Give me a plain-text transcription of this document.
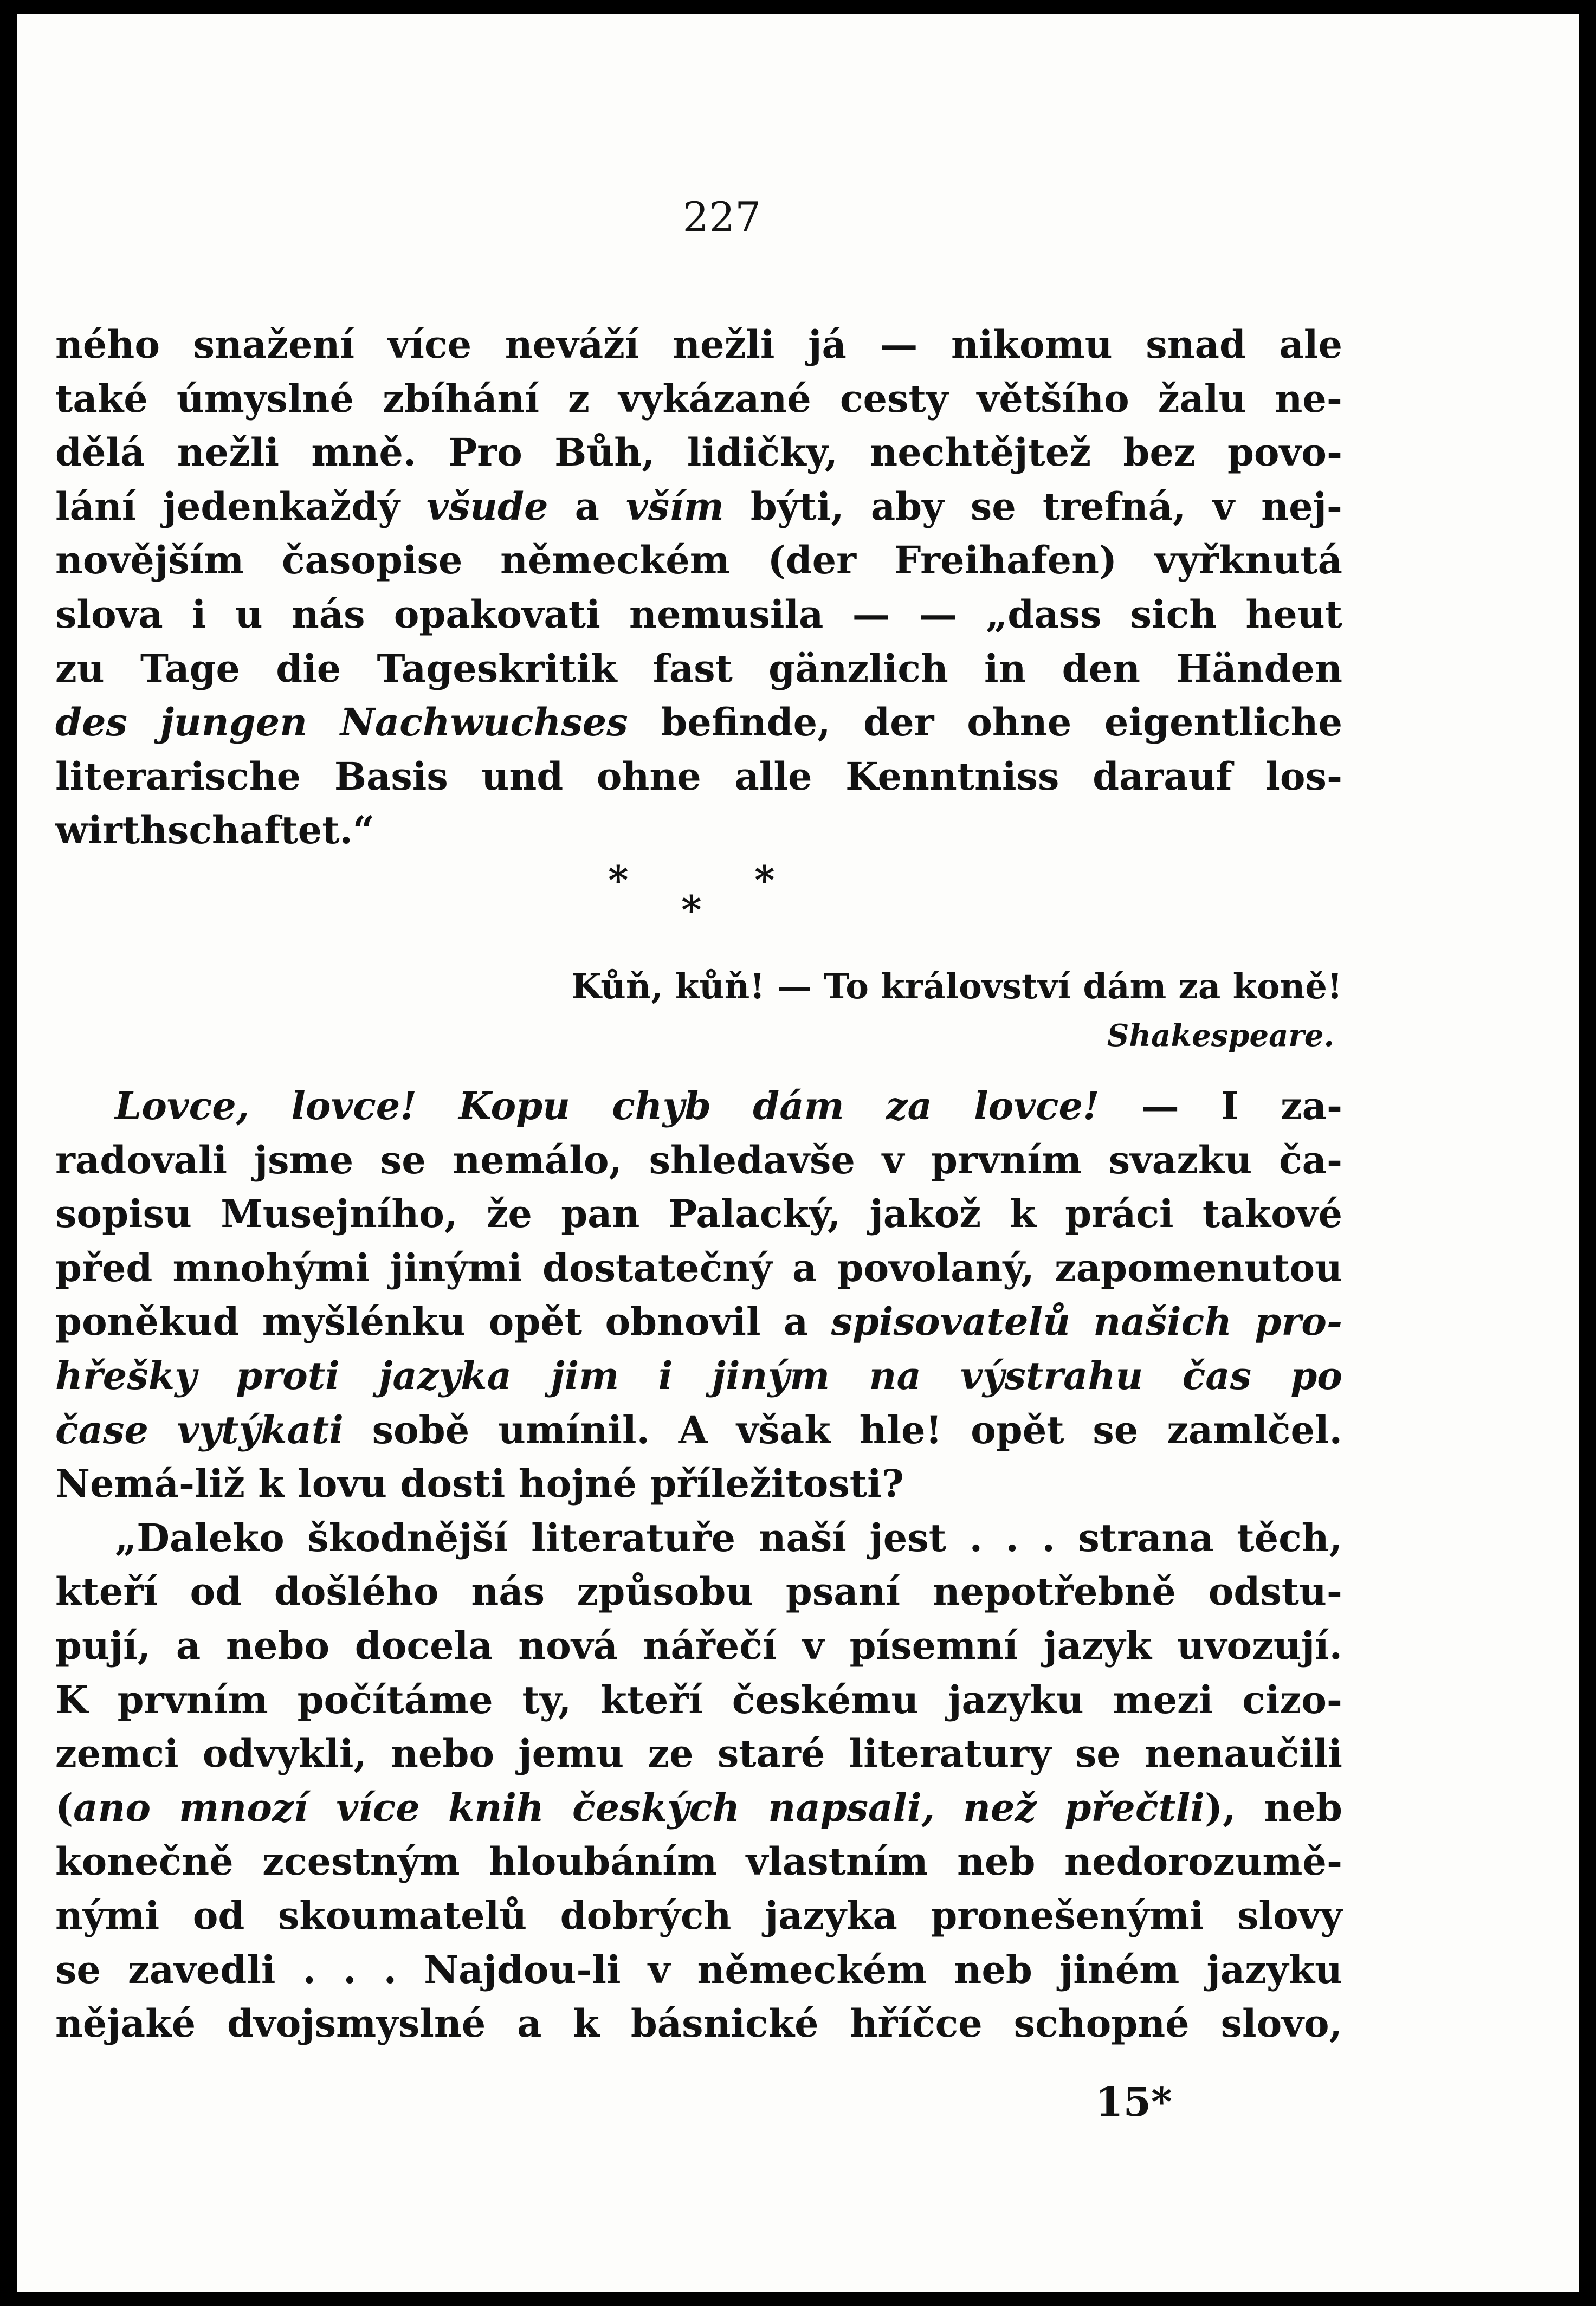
227
ného snažení více neváží nežli já — nikomu snad ale
také úmyslné zbíhání z vykázané cesty většího žalu ne-
dělá nežli mně. Pro Bůh, lidičky, nechtějtež bez povo-
lání jedenkaždý všude a vším býti, aby se trefná, v nej-
novějším časopise německém (der Freihafen) vyřknutá
slova i u nás opakovati nemusila — — „dass sich heut
zu Tage die Tageskritik fast gänzlich in den Händen
des jungen Nachwuchses befinde, der ohne eigentliche
literarische Basis und ohne alle Kenntniss darauf los-
wirthschaftet.“
*	*
*
Kůň, kůň! — To království dám za koně!
Shakespeare.
Lovce, lovce! Kopu chyb dám za lovce! — I za-
radovali jsme se nemálo, shledavše v prvním svazku ča-
sopisu Musejního, že pan Palacký, jakož k práci takové
před mnohými jinými dostatečný a povolaný, zapomenutou
poněkud myšlénku opět obnovil a spisovatelů našich pro-
hřešky proti jazyka jim i jiným na výstrahu čas po
čase vytýkati sobě umínil. A však hle! opět se zamlčel.
Nemá-liž k lovu dosti hojné příležitosti?
„Daleko škodnější literatuře naší jest . . . strana těch,
kteří od došlého nás způsobu psaní nepotřebně odstu-
pují, a nebo docela nová nářečí v písemní jazyk uvozují.
K prvním počítáme ty, kteří českému jazyku mezi cizo-
zemci odvykli, nebo jemu ze staré literatury se nenaučili
(ano mnozí více knih českých napsali, než přečtli), neb
konečně zcestným hloubáním vlastním neb nedorozumě-
nými od skoumatelů dobrých jazyka pronešenými slovy
se zavedli . . . Najdou-li v německém neb jiném jazyku
nějaké dvojsmyslné a k básnické hříčce schopné slovo,
15*
